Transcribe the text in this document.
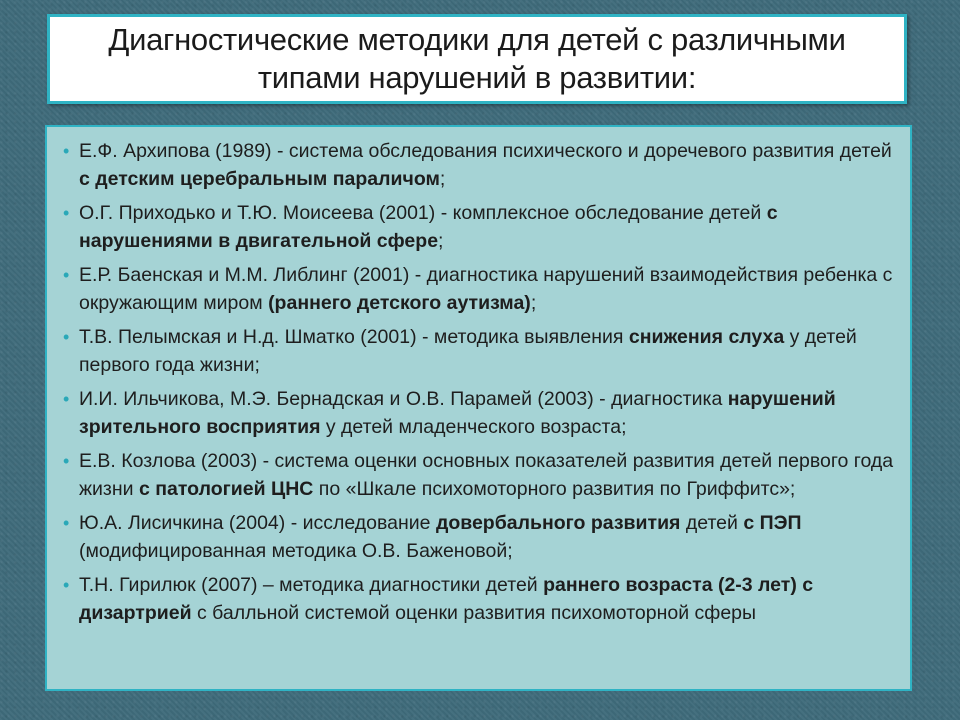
Диагностические методики для детей с различными
типами нарушений в развитии:
• Е.Ф. Архипова (1989) - система обследования психического и доречевого развития детей с детским церебральным параличом;
• О.Г. Приходько и Т.Ю. Моисеева (2001) - комплексное обследование детей с нарушениями в двигательной сфере;
• Е.Р. Баенская и М.М. Либлинг (2001) - диагностика нарушений взаимодействия ребенка с окружающим миром (раннего детского аутизма);
• Т.В. Пелымская и Н.д. Шматко (2001) - методика выявления снижения слуха у детей первого года жизни;
• И.И. Ильчикова, М.Э. Бернадская и О.В. Парамей (2003) - диагностика нарушений зрительного восприятия у детей младенческого возраста;
• Е.В. Козлова (2003) - система оценки основных показателей развития детей первого года жизни с патологией ЦНС по «Шкале психомоторного развития по Гриффитс»;
• Ю.А. Лисичкина (2004) - исследование довербального развития детей с ПЭП (модифицированная методика О.В. Баженовой;
• Т.Н. Гирилюк (2007) – методика диагностики детей раннего возраста (2-3 лет) с дизартрией с балльной системой оценки развития психомоторной сферы
